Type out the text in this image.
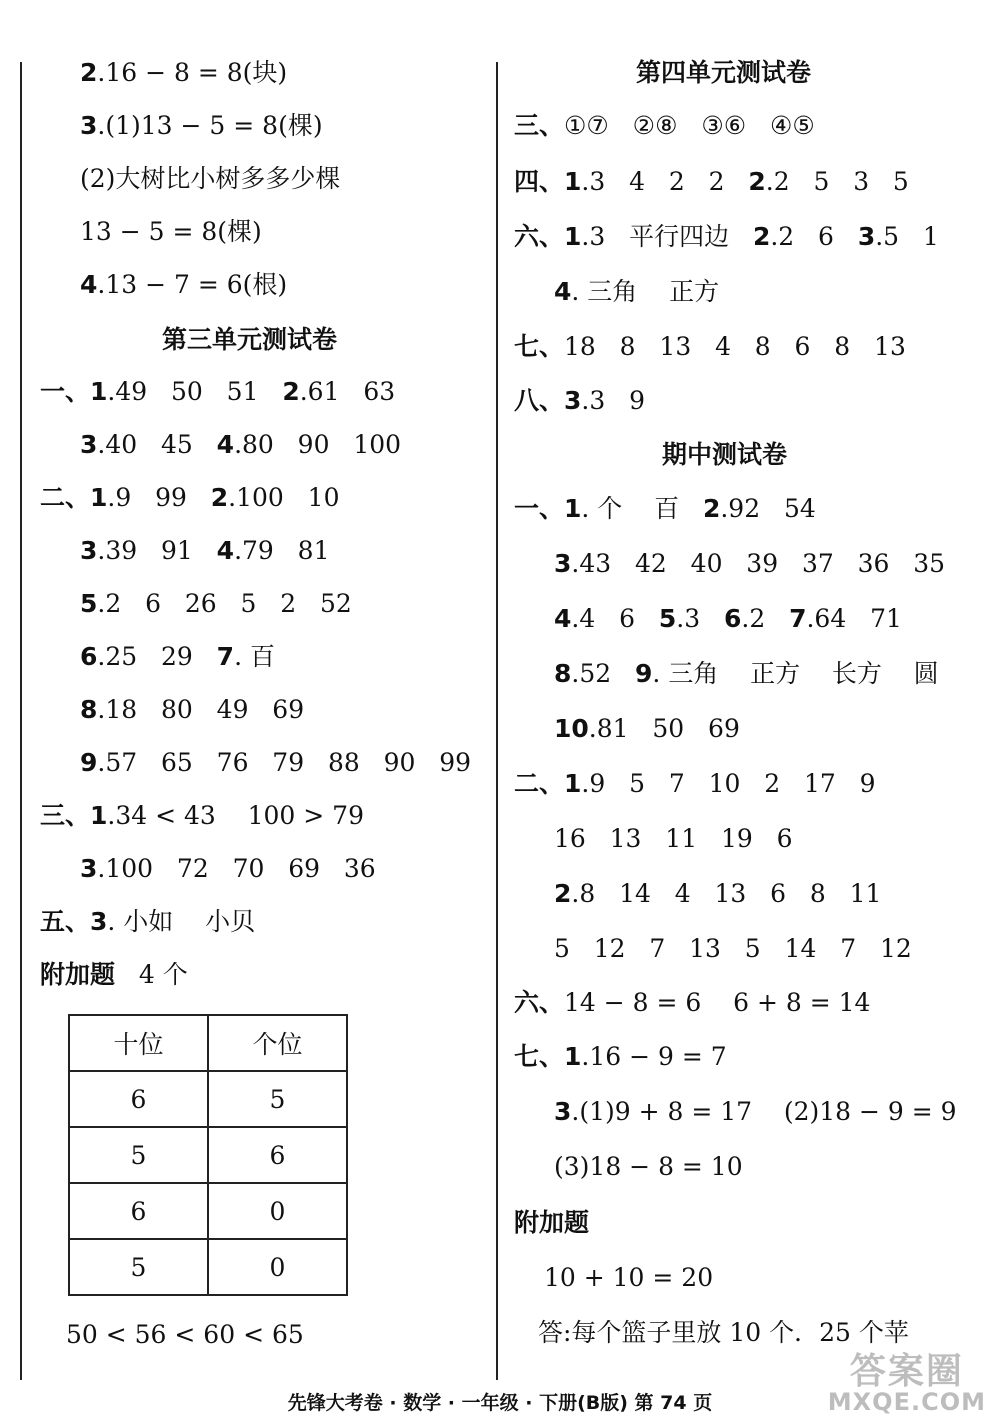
2.16 − 8 = 8(块)
3.(1)13 − 5 = 8(棵)
(2)大树比小树多多少棵
13 − 5 = 8(棵)
4.13 − 7 = 6(根)
第三单元测试卷
一、1.49   50   51   2.61   63
3.40   45   4.80   90   100
二、1.9   99   2.100   10
3.39   91   4.79   81
5.2   6   26   5   2   52
6.25   29   7. 百
8.18   80   49   69
9.57   65   76   79   88   90   99
三、1.34 < 43    100 > 79
3.100   72   70   69   36
五、3. 小如    小贝
附加题 4 个
十位	个位
6	5
5	6
6	0
5	0
50 < 56 < 60 < 65
第四单元测试卷
三、①⑦   ②⑧   ③⑥   ④⑤
四、1.3   4   2   2   2.2   5   3   5
六、1.3   平行四边   2.2   6   3.5   1
4. 三角    正方
七、18   8   13   4   8   6   8   13
八、3.3   9
期中测试卷
一、1. 个    百   2.92   54
3.43   42   40   39   37   36   35
4.4   6   5.3   6.2   7.64   71
8.52   9. 三角    正方    长方    圆
10.81   50   69
二、1.9   5   7   10   2   17   9
16   13   11   19   6
2.8   14   4   13   6   8   11
5   12   7   13   5   14   7   12
六、14 − 8 = 6    6 + 8 = 14
七、1.16 − 9 = 7
3.(1)9 + 8 = 17    (2)18 − 9 = 9
(3)18 − 8 = 10
附加题
10 + 10 = 20
答:每个篮子里放 10 个．25 个苹
先锋大考卷 · 数学 · 一年级 · 下册(B版) 第 74 页
答案圈
MXQE.COM
